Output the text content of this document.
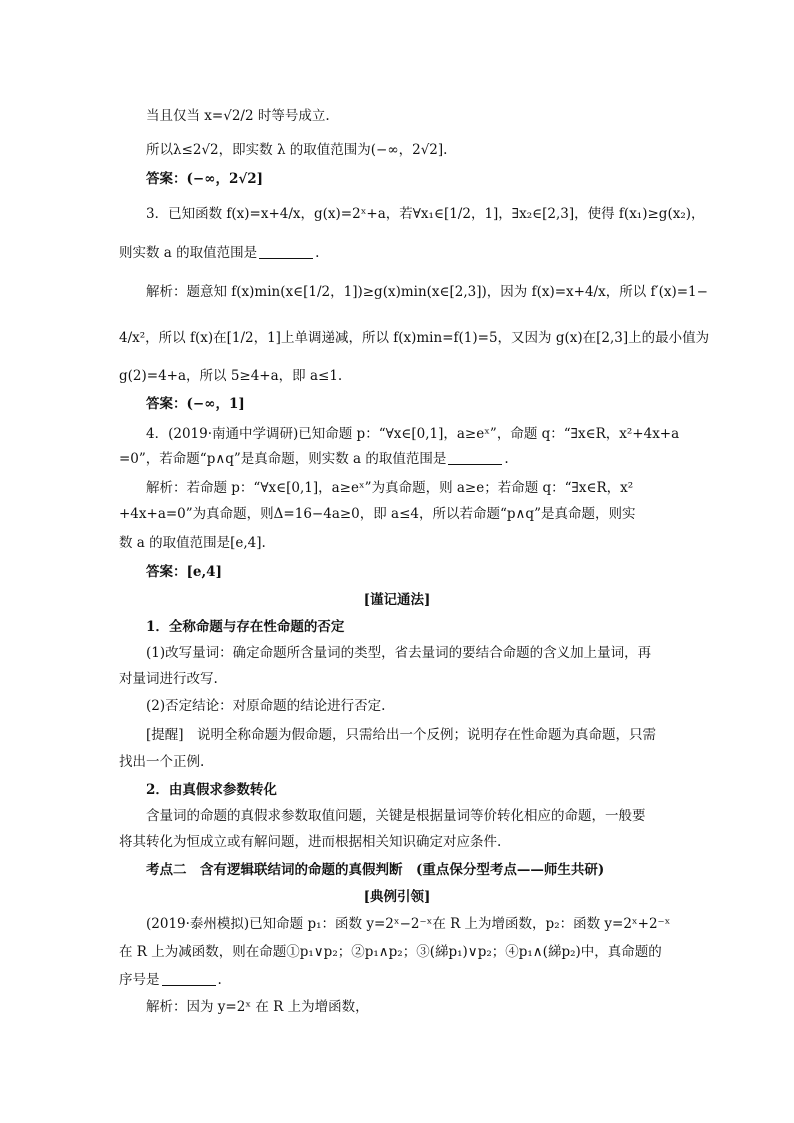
当且仅当 x=√2/2 时等号成立.
所以λ≤2√2，即实数 λ 的取值范围为(−∞，2√2].
答案：(−∞，2√2]
3．已知函数 f(x)=x+4/x，g(x)=2ˣ+a，若∀x₁∈[1/2，1]，∃x₂∈[2,3]，使得 f(x₁)≥g(x₂)，
则实数 a 的取值范围是	.
解析：题意知 f(x)min(x∈[1/2，1])≥g(x)min(x∈[2,3])，因为 f(x)=x+4/x，所以 f′(x)=1−
4/x²，所以 f(x)在[1/2，1]上单调递减，所以 f(x)min=f(1)=5，又因为 g(x)在[2,3]上的最小值为
g(2)=4+a，所以 5≥4+a，即 a≤1.
答案：(−∞，1]
4．(2019·南通中学调研)已知命题 p：“∀x∈[0,1]，a≥eˣ”，命题 q：“∃x∈R，x²+4x+a
=0”，若命题“p∧q”是真命题，则实数 a 的取值范围是	.
解析：若命题 p：“∀x∈[0,1]，a≥eˣ”为真命题，则 a≥e；若命题 q：“∃x∈R，x²
+4x+a=0”为真命题，则Δ=16−4a≥0，即 a≤4，所以若命题“p∧q”是真命题，则实
数 a 的取值范围是[e,4].
答案：[e,4]
[谨记通法]
1．全称命题与存在性命题的否定
(1)改写量词：确定命题所含量词的类型，省去量词的要结合命题的含义加上量词，再
对量词进行改写.
(2)否定结论：对原命题的结论进行否定.
[提醒]　说明全称命题为假命题，只需给出一个反例；说明存在性命题为真命题，只需
找出一个正例.
2．由真假求参数转化
含量词的命题的真假求参数取值问题，关键是根据量词等价转化相应的命题，一般要
将其转化为恒成立或有解问题，进而根据相关知识确定对应条件.
考点二　含有逻辑联结词的命题的真假判断　(重点保分型考点——师生共研)
[典例引领]
(2019·泰州模拟)已知命题 p₁：函数 y=2ˣ−2⁻ˣ在 R 上为增函数，p₂：函数 y=2ˣ+2⁻ˣ
在 R 上为减函数，则在命题①p₁∨p₂；②p₁∧p₂；③(綈p₁)∨p₂；④p₁∧(綈p₂)中，真命题的
序号是	.
解析：因为 y=2ˣ 在 R 上为增函数，
